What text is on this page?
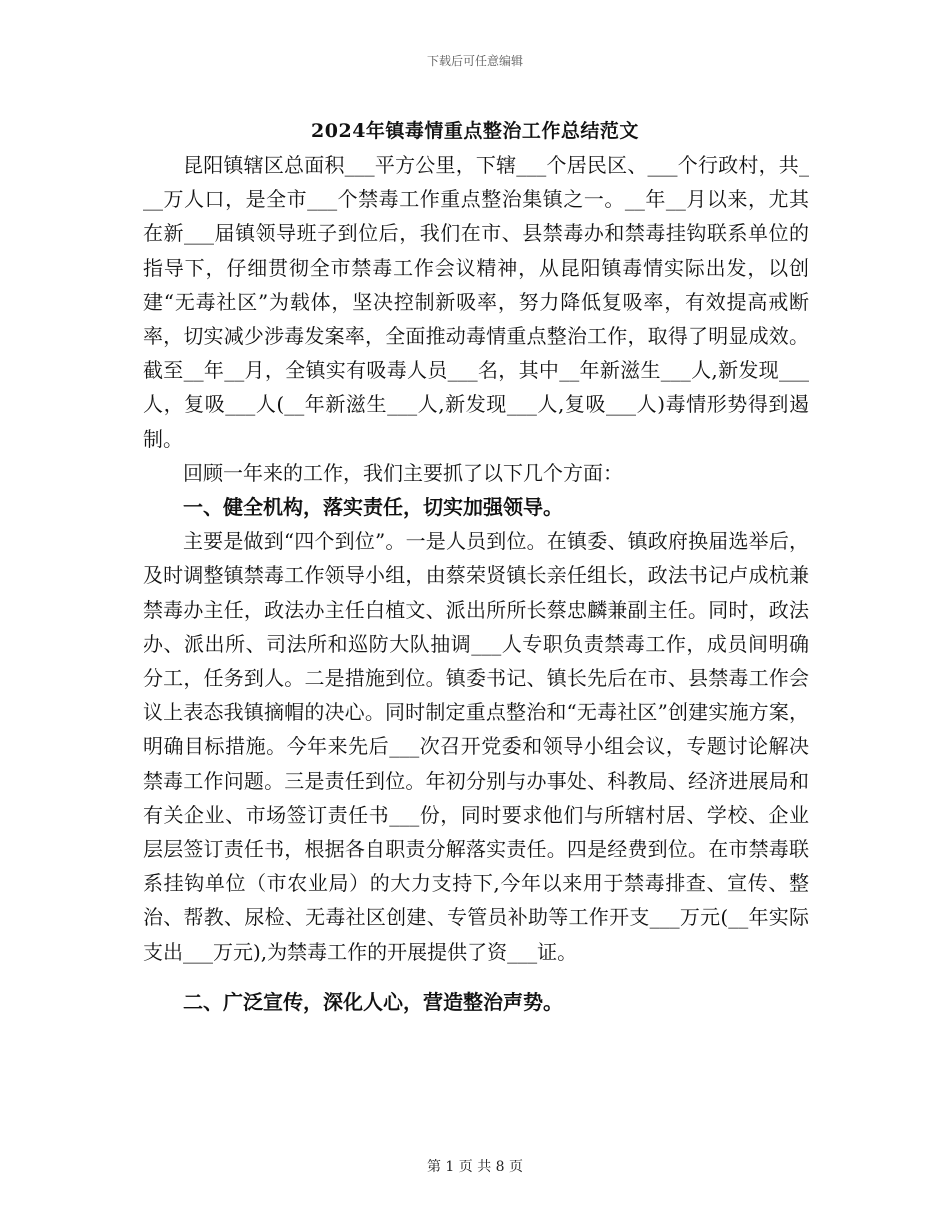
下载后可任意编辑
2024年镇毒情重点整治工作总结范文

昆阳镇辖区总面积___平方公里，下辖___个居民区、___个行政村，共___万人口，是全市___个禁毒工作重点整治集镇之一。__年__月以来，尤其在新___届镇领导班子到位后，我们在市、县禁毒办和禁毒挂钩联系单位的指导下，仔细贯彻全市禁毒工作会议精神，从昆阳镇毒情实际出发，以创建“无毒社区”为载体，坚决控制新吸率，努力降低复吸率，有效提高戒断率，切实减少涉毒发案率，全面推动毒情重点整治工作，取得了明显成效。截至__年__月，全镇实有吸毒人员___名，其中__年新滋生___人,新发现___人，复吸___人(__年新滋生___人,新发现___人,复吸___人)毒情形势得到遏制。

回顾一年来的工作，我们主要抓了以下几个方面：

一、健全机构，落实责任，切实加强领导。

主要是做到“四个到位”。一是人员到位。在镇委、镇政府换届选举后，及时调整镇禁毒工作领导小组，由蔡荣贤镇长亲任组长，政法书记卢成杭兼禁毒办主任，政法办主任白植文、派出所所长蔡忠麟兼副主任。同时，政法办、派出所、司法所和巡防大队抽调___人专职负责禁毒工作，成员间明确分工，任务到人。二是措施到位。镇委书记、镇长先后在市、县禁毒工作会议上表态我镇摘帽的决心。同时制定重点整治和“无毒社区”创建实施方案，明确目标措施。今年来先后___次召开党委和领导小组会议，专题讨论解决禁毒工作问题。三是责任到位。年初分别与办事处、科教局、经济进展局和有关企业、市场签订责任书___份，同时要求他们与所辖村居、学校、企业层层签订责任书，根据各自职责分解落实责任。四是经费到位。在市禁毒联系挂钩单位（市农业局）的大力支持下,今年以来用于禁毒排查、宣传、整治、帮教、尿检、无毒社区创建、专管员补助等工作开支___万元(__年实际支出___万元),为禁毒工作的开展提供了资___证。

二、广泛宣传，深化人心，营造整治声势。

第 1 页 共 8 页
